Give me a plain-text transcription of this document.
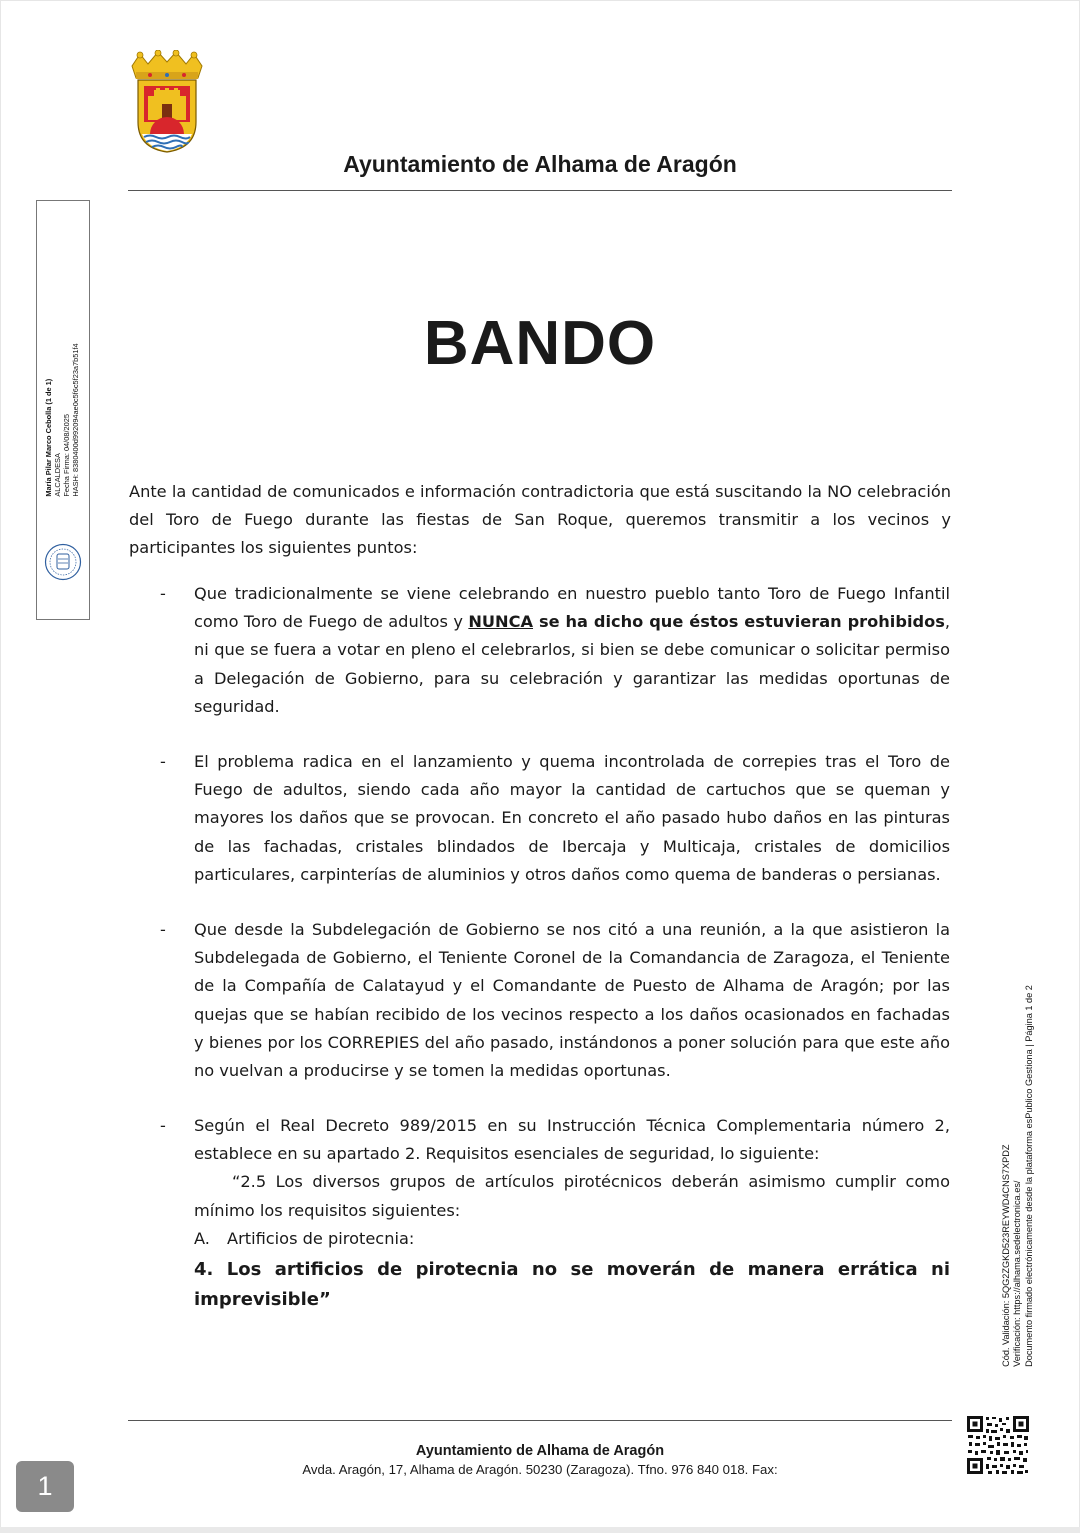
Ayuntamiento de Alhama de Aragón
BANDO
Ante la cantidad de comunicados e información contradictoria que está suscitando la NO celebración del Toro de Fuego durante las fiestas de San Roque, queremos transmitir a los vecinos y participantes los siguientes puntos:
- Que tradicionalmente se viene celebrando en nuestro pueblo tanto Toro de Fuego Infantil como Toro de Fuego de adultos y NUNCA se ha dicho que éstos estuvieran prohibidos, ni que se fuera a votar en pleno el celebrarlos, si bien se debe comunicar o solicitar permiso a Delegación de Gobierno, para su celebración y garantizar las medidas oportunas de seguridad.
- El problema radica en el lanzamiento y quema incontrolada de correpies tras el Toro de Fuego de adultos, siendo cada año mayor la cantidad de cartuchos que se queman y mayores los daños que se provocan. En concreto el año pasado hubo daños en las pinturas de las fachadas, cristales blindados de Ibercaja y Multicaja, cristales de domicilios particulares, carpinterías de aluminios y otros daños como quema de banderas o persianas.
- Que desde la Subdelegación de Gobierno se nos citó a una reunión, a la que asistieron la Subdelegada de Gobierno, el Teniente Coronel de la Comandancia de Zaragoza, el Teniente de la Compañía de Calatayud y el Comandante de Puesto de Alhama de Aragón; por las quejas que se habían recibido de los vecinos respecto a los daños ocasionados en fachadas y bienes por los CORREPIES del año pasado, instándonos a poner solución para que este año no vuelvan a producirse y se tomen la medidas oportunas.
- Según el Real Decreto 989/2015 en su Instrucción Técnica Complementaria número 2, establece en su apartado 2. Requisitos esenciales de seguridad, lo siguiente:
“2.5 Los diversos grupos de artículos pirotécnicos deberán asimismo cumplir como mínimo los requisitos siguientes:
A. Artificios de pirotecnia:
4. Los artificios de pirotecnia no se moverán de manera errática ni imprevisible”
María Pilar Marco Cebolla (1 de 1) ALCALDESA Fecha Firma: 04/08/2025 HASH: 8380400d992094ae0c5f6c5f23a7b51f4
Cód. Validación: 5QG2ZGKD523REYWD4CNS7XPDZ Verificación: https://alhama.sedelectronica.es/ Documento firmado electrónicamente desde la plataforma esPublico Gestiona | Página 1 de 2
Ayuntamiento de Alhama de Aragón
Avda. Aragón, 17, Alhama de Aragón. 50230 (Zaragoza). Tfno. 976 840 018. Fax:
1
